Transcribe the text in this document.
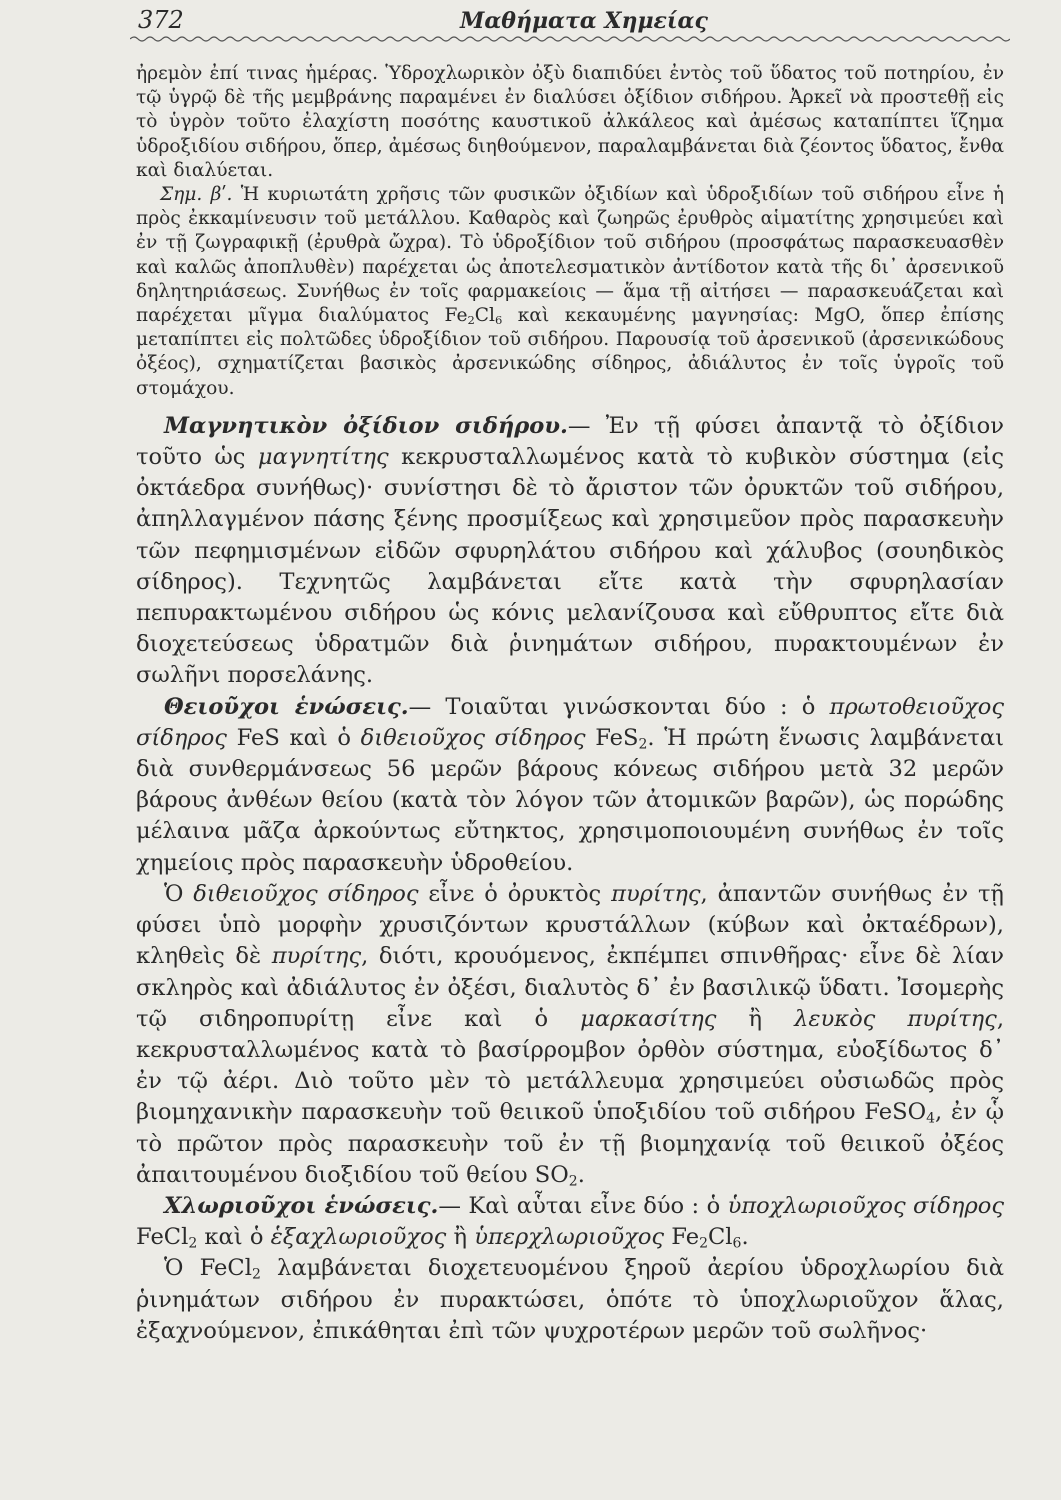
372	Μαθήματα Χημείας

ἠρεμὸν ἐπί τινας ἡμέρας. Ὑδροχλωρικὸν ὀξὺ διαπιδύει ἐντὸς τοῦ ὕδατος τοῦ ποτηρίου, ἐν τῷ ὑγρῷ δὲ τῆς μεμβράνης παραμένει ἐν διαλύσει ὀξίδιον σιδήρου. Ἀρκεῖ νὰ προστεθῇ εἰς τὸ ὑγρὸν τοῦτο ἐλαχίστη ποσότης καυστικοῦ ἀλκάλεος καὶ ἀμέσως καταπίπτει ἵζημα ὑδροξιδίου σιδήρου, ὅπερ, ἀμέσως διηθούμενον, παραλαμβάνεται διὰ ζέοντος ὕδατος, ἔνθα καὶ διαλύεται.

Σημ. βʹ. Ἡ κυριωτάτη χρῆσις τῶν φυσικῶν ὀξιδίων καὶ ὑδροξιδίων τοῦ σιδήρου εἶνε ἡ πρὸς ἐκκαμίνευσιν τοῦ μετάλλου. Καθαρὸς καὶ ζωηρῶς ἐρυθρὸς αἱματίτης χρησιμεύει καὶ ἐν τῇ ζωγραφικῇ (ἐρυθρὰ ὤχρα). Τὸ ὑδροξίδιον τοῦ σιδήρου (προσφάτως παρασκευασθὲν καὶ καλῶς ἀποπλυθὲν) παρέχεται ὡς ἀποτελεσματικὸν ἀντίδοτον κατὰ τῆς δι᾽ ἀρσενικοῦ δηλητηριάσεως. Συνήθως ἐν τοῖς φαρμακείοις — ἅμα τῇ αἰτήσει — παρασκευάζεται καὶ παρέχεται μῖγμα διαλύματος $Fe_2Cl_6$ καὶ κεκαυμένης μαγνησίας: MgO, ὅπερ ἐπίσης μεταπίπτει εἰς πολτῶδες ὑδροξίδιον τοῦ σιδήρου. Παρουσίᾳ τοῦ ἀρσενικοῦ (ἀρσενικώδους ὀξέος), σχηματίζεται βασικὸς ἀρσενικώδης σίδηρος, ἀδιάλυτος ἐν τοῖς ὑγροῖς τοῦ στομάχου.

Μαγνητικὸν ὀξίδιον σιδήρου.— Ἐν τῇ φύσει ἀπαντᾷ τὸ ὀξίδιον τοῦτο ὡς μαγνητίτης κεκρυσταλλωμένος κατὰ τὸ κυβικὸν σύστημα (εἰς ὀκτάεδρα συνήθως)· συνίστησι δὲ τὸ ἄριστον τῶν ὀρυκτῶν τοῦ σιδήρου, ἀπηλλαγμένον πάσης ξένης προσμίξεως καὶ χρησιμεῦον πρὸς παρασκευὴν τῶν πεφημισμένων εἰδῶν σφυρηλάτου σιδήρου καὶ χάλυβος (σουηδικὸς σίδηρος). Τεχνητῶς λαμβάνεται εἴτε κατὰ τὴν σφυρηλασίαν πεπυρακτωμένου σιδήρου ὡς κόνις μελανίζουσα καὶ εὔθρυπτος εἴτε διὰ διοχετεύσεως ὑδρατμῶν διὰ ῥινημάτων σιδήρου, πυρακτουμένων ἐν σωλῆνι πορσελάνης.

Θειοῦχοι ἑνώσεις.— Τοιαῦται γινώσκονται δύο : ὁ πρωτοθειοῦχος σίδηρος FeS καὶ ὁ διθειοῦχος σίδηρος FeS$_2$. Ἡ πρώτη ἕνωσις λαμβάνεται διὰ συνθερμάνσεως 56 μερῶν βάρους κόνεως σιδήρου μετὰ 32 μερῶν βάρους ἀνθέων θείου (κατὰ τὸν λόγον τῶν ἀτομικῶν βαρῶν), ὡς πορώδης μέλαινα μᾶζα ἀρκούντως εὔτηκτος, χρησιμοποιουμένη συνήθως ἐν τοῖς χημείοις πρὸς παρασκευὴν ὑδροθείου.

Ὁ διθειοῦχος σίδηρος εἶνε ὁ ὀρυκτὸς πυρίτης, ἀπαντῶν συνήθως ἐν τῇ φύσει ὑπὸ μορφὴν χρυσιζόντων κρυστάλλων (κύβων καὶ ὀκταέδρων), κληθεὶς δὲ πυρίτης, διότι, κρουόμενος, ἐκπέμπει σπινθῆρας· εἶνε δὲ λίαν σκληρὸς καὶ ἀδιάλυτος ἐν ὀξέσι, διαλυτὸς δ᾽ ἐν βασιλικῷ ὕδατι. Ἰσομερὴς τῷ σιδηροπυρίτῃ εἶνε καὶ ὁ μαρκασίτης ἢ λευκὸς πυρίτης, κεκρυσταλλωμένος κατὰ τὸ βασίρρομβον ὀρθὸν σύστημα, εὐοξίδωτος δ᾽ ἐν τῷ ἀέρι. Διὸ τοῦτο μὲν τὸ μετάλλευμα χρησιμεύει οὐσιωδῶς πρὸς βιομηχανικὴν παρασκευὴν τοῦ θειικοῦ ὑποξιδίου τοῦ σιδήρου FeSO$_4$, ἐν ᾧ τὸ πρῶτον πρὸς παρασκευὴν τοῦ ἐν τῇ βιομηχανίᾳ τοῦ θειικοῦ ὀξέος ἀπαιτουμένου διοξιδίου τοῦ θείου $SO_2$.

Χλωριοῦχοι ἑνώσεις.— Καὶ αὗται εἶνε δύο : ὁ ὑποχλωριοῦχος σίδηρος FeCl$_2$ καὶ ὁ ἑξαχλωριοῦχος ἢ ὑπερχλωριοῦχος $Fe_2Cl_6$.

Ὁ FeCl$_2$ λαμβάνεται διοχετευομένου ξηροῦ ἀερίου ὑδροχλωρίου διὰ ῥινημάτων σιδήρου ἐν πυρακτώσει, ὁπότε τὸ ὑποχλωριοῦχον ἅλας, ἐξαχνούμενον, ἐπικάθηται ἐπὶ τῶν ψυχροτέρων μερῶν τοῦ σωλῆνος·
